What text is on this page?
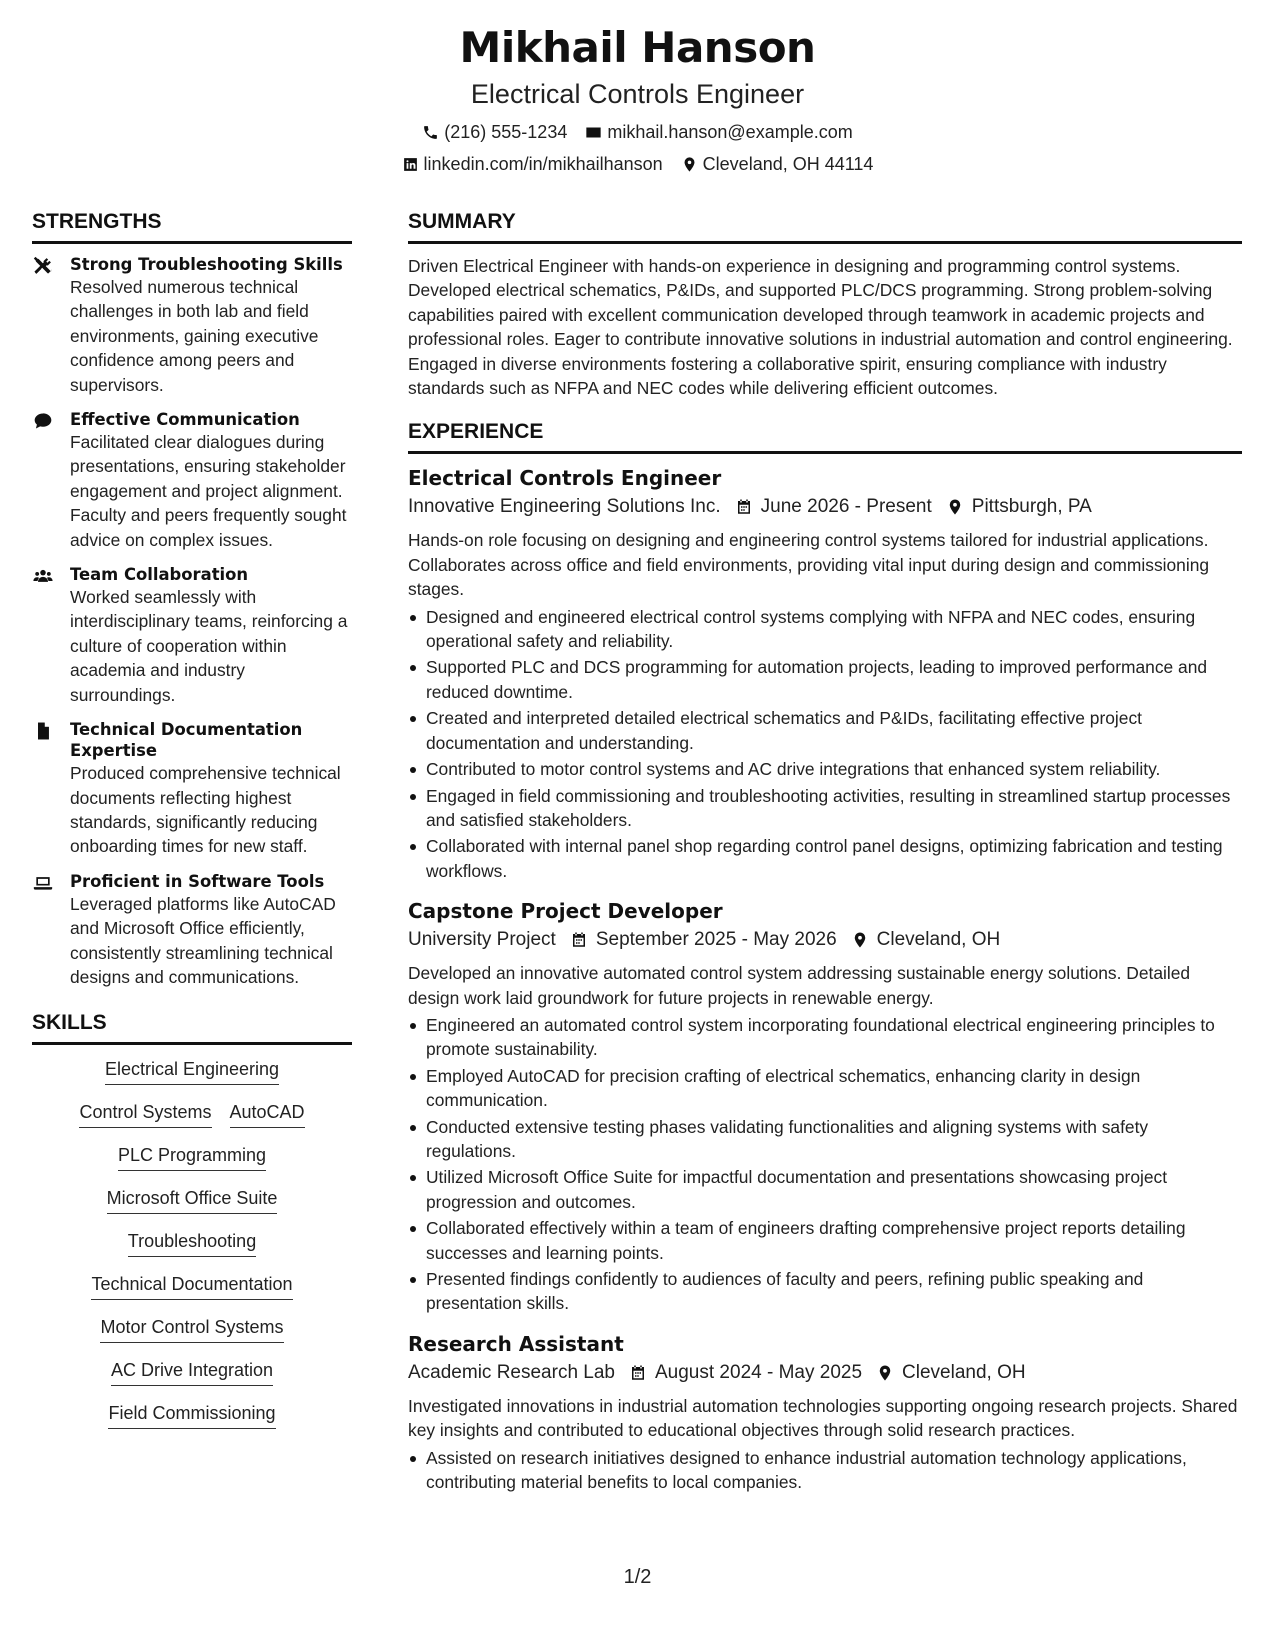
Mikhail Hanson
Electrical Controls Engineer
(216) 555-1234 mikhail.hanson@example.com
linkedin.com/in/mikhailhanson Cleveland, OH 44114
STRENGTHS
Strong Troubleshooting Skills
Resolved numerous technical challenges in both lab and field environments, gaining executive confidence among peers and supervisors.
Effective Communication
Facilitated clear dialogues during presentations, ensuring stakeholder engagement and project alignment. Faculty and peers frequently sought advice on complex issues.
Team Collaboration
Worked seamlessly with interdisciplinary teams, reinforcing a culture of cooperation within academia and industry surroundings.
Technical Documentation Expertise
Produced comprehensive technical documents reflecting highest standards, significantly reducing onboarding times for new staff.
Proficient in Software Tools
Leveraged platforms like AutoCAD and Microsoft Office efficiently, consistently streamlining technical designs and communications.
SKILLS
Electrical Engineering
Control Systems AutoCAD
PLC Programming
Microsoft Office Suite
Troubleshooting
Technical Documentation
Motor Control Systems
AC Drive Integration
Field Commissioning
SUMMARY
Driven Electrical Engineer with hands-on experience in designing and programming control systems. Developed electrical schematics, P&IDs, and supported PLC/DCS programming. Strong problem-solving capabilities paired with excellent communication developed through teamwork in academic projects and professional roles. Eager to contribute innovative solutions in industrial automation and control engineering. Engaged in diverse environments fostering a collaborative spirit, ensuring compliance with industry standards such as NFPA and NEC codes while delivering efficient outcomes.
EXPERIENCE
Electrical Controls Engineer
Innovative Engineering Solutions Inc. June 2026 - Present Pittsburgh, PA
Hands-on role focusing on designing and engineering control systems tailored for industrial applications. Collaborates across office and field environments, providing vital input during design and commissioning stages.
Designed and engineered electrical control systems complying with NFPA and NEC codes, ensuring operational safety and reliability.
Supported PLC and DCS programming for automation projects, leading to improved performance and reduced downtime.
Created and interpreted detailed electrical schematics and P&IDs, facilitating effective project documentation and understanding.
Contributed to motor control systems and AC drive integrations that enhanced system reliability.
Engaged in field commissioning and troubleshooting activities, resulting in streamlined startup processes and satisfied stakeholders.
Collaborated with internal panel shop regarding control panel designs, optimizing fabrication and testing workflows.
Capstone Project Developer
University Project September 2025 - May 2026 Cleveland, OH
Developed an innovative automated control system addressing sustainable energy solutions. Detailed design work laid groundwork for future projects in renewable energy.
Engineered an automated control system incorporating foundational electrical engineering principles to promote sustainability.
Employed AutoCAD for precision crafting of electrical schematics, enhancing clarity in design communication.
Conducted extensive testing phases validating functionalities and aligning systems with safety regulations.
Utilized Microsoft Office Suite for impactful documentation and presentations showcasing project progression and outcomes.
Collaborated effectively within a team of engineers drafting comprehensive project reports detailing successes and learning points.
Presented findings confidently to audiences of faculty and peers, refining public speaking and presentation skills.
Research Assistant
Academic Research Lab August 2024 - May 2025 Cleveland, OH
Investigated innovations in industrial automation technologies supporting ongoing research projects. Shared key insights and contributed to educational objectives through solid research practices.
Assisted on research initiatives designed to enhance industrial automation technology applications, contributing material benefits to local companies.
1/2
